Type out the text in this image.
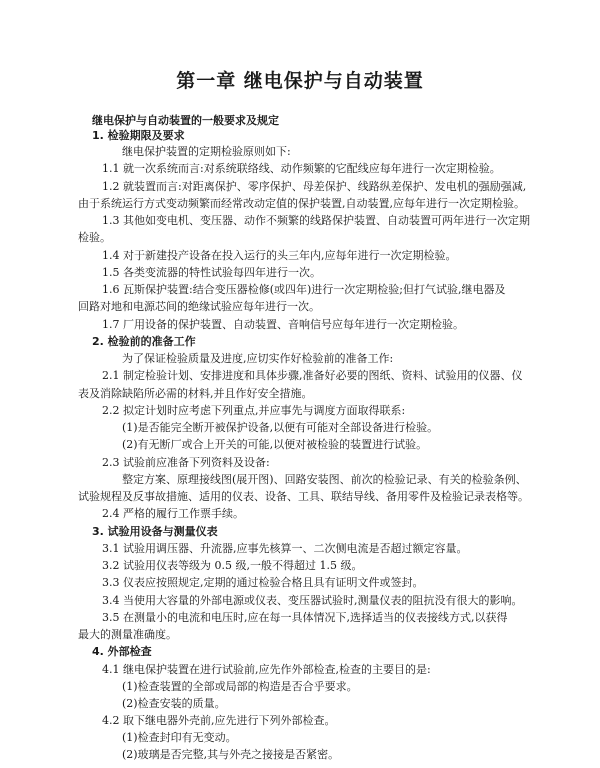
第一章 继电保护与自动装置
继电保护与自动装置的一般要求及规定
1. 检验期限及要求
继电保护装置的定期检验原则如下:
1.1 就一次系统而言:对系统联络线、动作频繁的它配线应每年进行一次定期检验。
1.2 就装置而言:对距离保护、零序保护、母差保护、线路纵差保护、发电机的强励强减,
由于系统运行方式变动频繁而经常改动定值的保护装置,自动装置,应每年进行一次定期检验。
1.3 其他如变电机、变压器、动作不频繁的线路保护装置、自动装置可两年进行一次定期
检验。
1.4 对于新建投产设备在投入运行的头三年内,应每年进行一次定期检验。
1.5 各类变流器的特性试验每四年进行一次。
1.6 瓦斯保护装置:结合变压器检修(或四年)进行一次定期检验;但打气试验,继电器及
回路对地和电源芯间的绝缘试验应每年进行一次。
1.7 厂用设备的保护装置、自动装置、音响信号应每年进行一次定期检验。
2. 检验前的准备工作
为了保证检验质量及进度,应切实作好检验前的准备工作:
2.1 制定检验计划、安排进度和具体步骤,准备好必要的图纸、资料、试验用的仪器、仪
表及消除缺陷所必需的材料,并且作好安全措施。
2.2 拟定计划时应考虑下列重点,并应事先与调度方面取得联系:
(1)是否能完全断开被保护设备,以便有可能对全部设备进行检验。
(2)有无断厂或合上开关的可能,以便对被检验的装置进行试验。
2.3 试验前应准备下列资料及设备:
整定方案、原理接线图(展开图)、回路安装图、前次的检验记录、有关的检验条例、
试验规程及反事故措施、适用的仪表、设备、工具、联结导线、备用零件及检验记录表格等。
2.4 严格的履行工作票手续。
3. 试验用设备与测量仪表
3.1 试验用调压器、升流器,应事先核算一、二次侧电流是否超过额定容量。
3.2 试验用仪表等级为 0.5 级,一般不得超过 1.5 级。
3.3 仪表应按照规定,定期的通过检验合格且具有证明文件或签封。
3.4 当使用大容量的外部电源或仪表、变压器试验时,测量仪表的阻抗没有很大的影响。
3.5 在测量小的电流和电压时,应在每一具体情况下,选择适当的仪表接线方式,以获得
最大的测量准确度。
4. 外部检查
4.1 继电保护装置在进行试验前,应先作外部检查,检查的主要目的是:
(1)检查装置的全部或局部的构造是否合乎要求。
(2)检查安装的质量。
4.2 取下继电器外壳前,应先进行下列外部检查。
(1)检查封印有无变动。
(2)玻璃是否完整,其与外壳之接接是否紧密。
